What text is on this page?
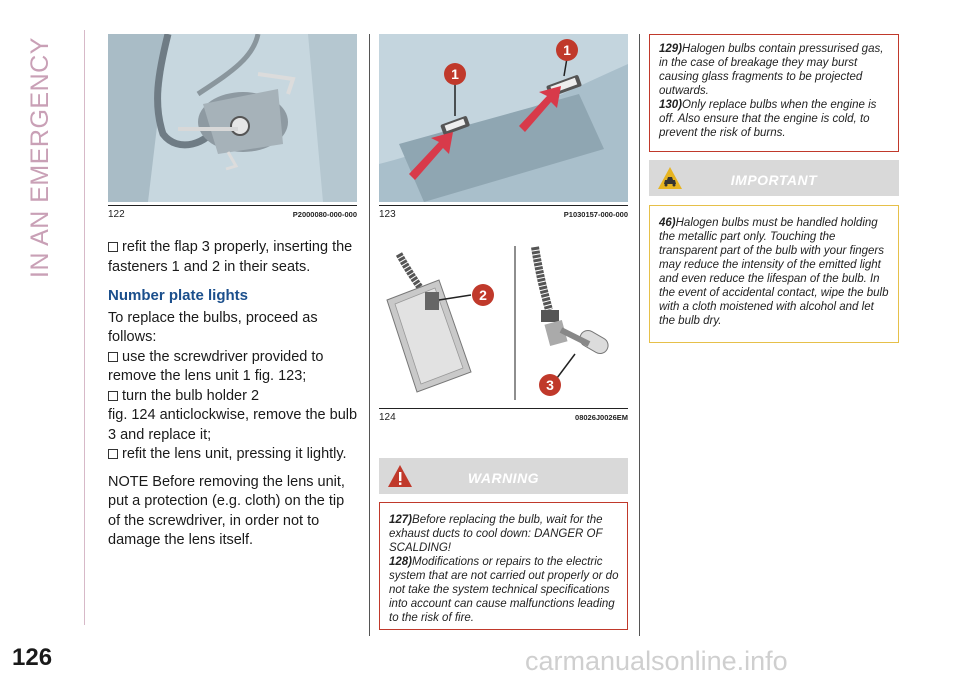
IN AN EMERGENCY
126	carmanualsonline.info
122	P2000080-000-000

refit the flap 3 properly, inserting the fasteners 1 and 2 in their seats.

Number plate lights

To replace the bulbs, proceed as follows:

use the screwdriver provided to remove the lens unit 1 fig. 123;

turn the bulb holder 2

fig. 124 anticlockwise, remove the bulb 3 and replace it;

refit the lens unit, pressing it lightly.

NOTE Before removing the lens unit, put a protection (e.g. cloth) on the tip of the screwdriver, in order not to damage the lens itself.

1
1
123	P1030157-000-000
2
3
124	08026J0026EM
WARNING

127)Before replacing the bulb, wait for the exhaust ducts to cool down: DANGER OF SCALDING!

128)Modifications or repairs to the electric system that are not carried out properly or do not take the system technical specifications into account can cause malfunctions leading to the risk of fire.

129)Halogen bulbs contain pressurised gas, in the case of breakage they may burst causing glass fragments to be projected outwards.

130)Only replace bulbs when the engine is off. Also ensure that the engine is cold, to prevent the risk of burns.

IMPORTANT

46)Halogen bulbs must be handled holding the metallic part only. Touching the transparent part of the bulb with your fingers may reduce the intensity of the emitted light and even reduce the lifespan of the bulb. In the event of accidental contact, wipe the bulb with a cloth moistened with alcohol and let the bulb dry.
